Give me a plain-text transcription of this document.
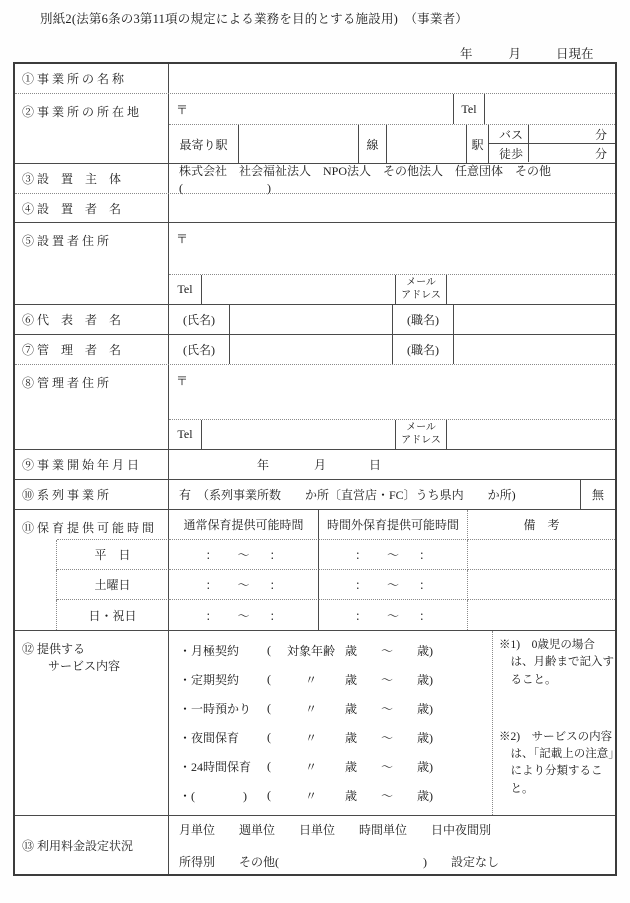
別紙2(法第6条の3第11項の規定による業務を目的とする施設用)　（事業者）
年	月	日現在
① 事 業 所 の 名 称
② 事 業 所 の 所 在 地	〒	Tel
最寄り駅	線	駅
バス	分
徒歩	分
③ 設　置　主　体
株式会社　社会福祉法人　NPO法人　その他法人　任意団体　その他(　　　　　　　)
④ 設　置　者　名
⑤ 設 置 者 住 所	〒
Tel	メール
アドレス
⑥ 代　表　者　名	(氏名)	(職名)
⑦ 管　理　者　名	(氏名)	(職名)
⑧ 管 理 者 住 所	〒
Tel	メール
アドレス
⑨ 事 業 開 始 年 月 日	年	月	日
⑩ 系 列 事 業 所	有　（系列事業所数　　か所〔直営店・FC〕うち県内　　か所)	無
⑪ 保 育 提 供 可 能 時 間	通常保育提供可能時間	時間外保育提供可能時間	備　考
平　日	： ～ ：	： ～ ：
土曜日	： ～ ：	： ～ ：
日・祝日	： ～ ：	： ～ ：
⑫ 提供する
サービス内容
・月極契約	(	対象年齢 歳 ～ 歳)
・定期契約	(	〃	歳 ～ 歳)
・一時預かり	(	〃	歳 ～ 歳)
・夜間保育	(	〃	歳 ～ 歳)
・24時間保育	(	〃	歳 ～ 歳)
・(　　　　)	(	〃	歳 ～ 歳)

※1)　0歳児の場合は、月齢まで記入すること。

※2)　サービスの内容は、「記載上の注意」により分類すること。

⑬ 利用料金設定状況
月単位　　週単位　　日単位　　時間単位　　日中夜間別
所得別　　その他(　　　　　　　　　　　　)　　設定なし
